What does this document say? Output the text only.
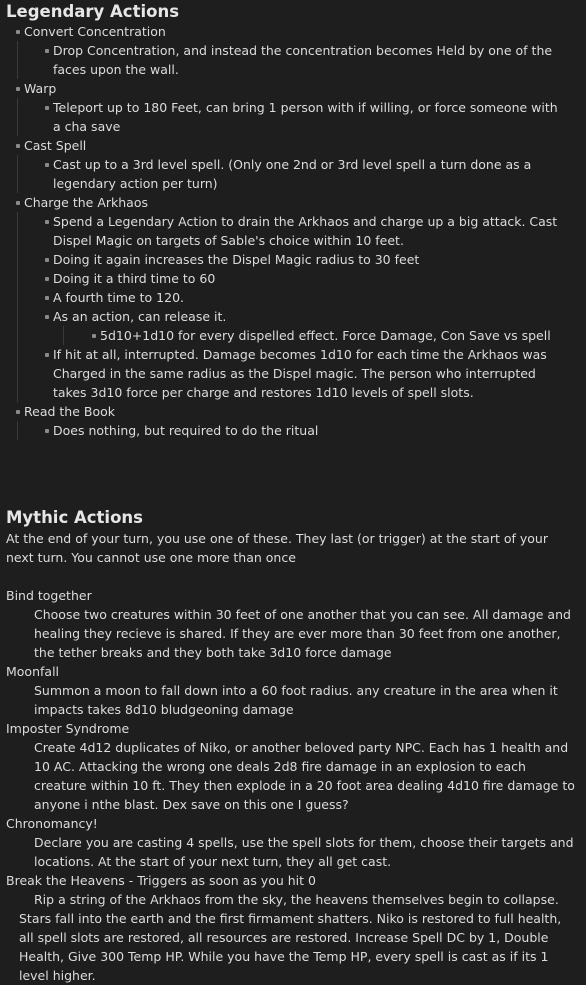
Legendary Actions
Convert Concentration
Drop Concentration, and instead the concentration becomes Held by one of the faces upon the wall.
Warp
Teleport up to 180 Feet, can bring 1 person with if willing, or force someone with a cha save
Cast Spell
Cast up to a 3rd level spell. (Only one 2nd or 3rd level spell a turn done as a legendary action per turn)
Charge the Arkhaos
Spend a Legendary Action to drain the Arkhaos and charge up a big attack. Cast Dispel Magic on targets of Sable's choice within 10 feet.
Doing it again increases the Dispel Magic radius to 30 feet
Doing it a third time to 60
A fourth time to 120.
As an action, can release it.
5d10+1d10 for every dispelled effect. Force Damage, Con Save vs spell
If hit at all, interrupted. Damage becomes 1d10 for each time the Arkhaos was Charged in the same radius as the Dispel magic. The person who interrupted takes 3d10 force per charge and restores 1d10 levels of spell slots.
Read the Book
Does nothing, but required to do the ritual
Mythic Actions

At the end of your turn, you use one of these. They last (or trigger) at the start of your next turn. You cannot use one more than once

Bind together

Choose two creatures within 30 feet of one another that you can see. All damage and healing they recieve is shared. If they are ever more than 30 feet from one another, the tether breaks and they both take 3d10 force damage

Moonfall

Summon a moon to fall down into a 60 foot radius. any creature in the area when it impacts takes 8d10 bludgeoning damage

Imposter Syndrome

Create 4d12 duplicates of Niko, or another beloved party NPC. Each has 1 health and 10 AC. Attacking the wrong one deals 2d8 fire damage in an explosion to each creature within 10 ft. They then explode in a 20 foot area dealing 4d10 fire damage to anyone i nthe blast. Dex save on this one I guess?

Chronomancy!

Declare you are casting 4 spells, use the spell slots for them, choose their targets and locations. At the start of your next turn, they all get cast.

Break the Heavens - Triggers as soon as you hit 0

Rip a string of the Arkhaos from the sky, the heavens themselves begin to collapse. Stars fall into the earth and the first firmament shatters. Niko is restored to full health, all spell slots are restored, all resources are restored. Increase Spell DC by 1, Double Health, Give 300 Temp HP. While you have the Temp HP, every spell is cast as if its 1 level higher.
